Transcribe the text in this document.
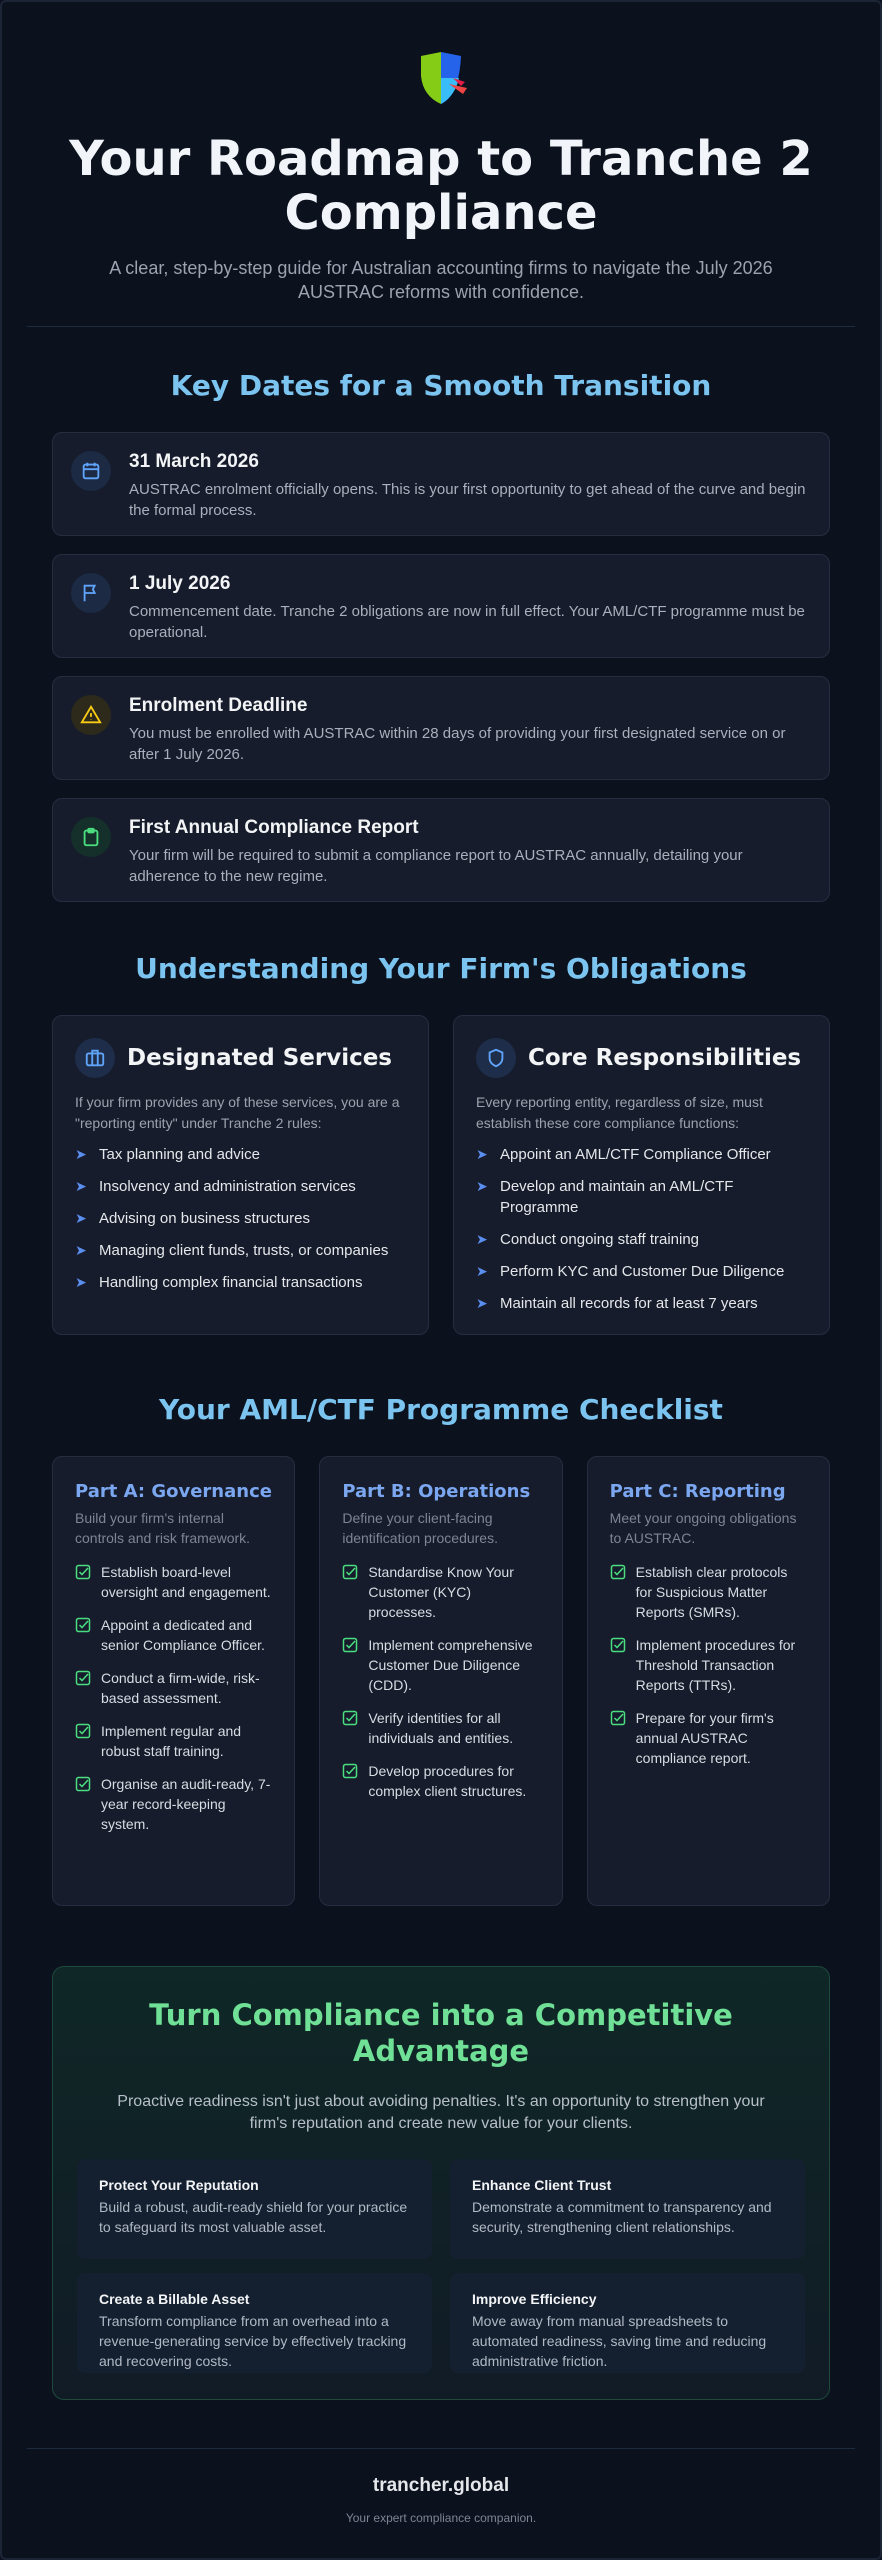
Your Roadmap to Tranche 2 Compliance

A clear, step-by-step guide for Australian accounting firms to navigate the July 2026 AUSTRAC reforms with confidence.

Key Dates for a Smooth Transition
31 March 2026
AUSTRAC enrolment officially opens. This is your first opportunity to get ahead of the curve and begin the formal process.
1 July 2026
Commencement date. Tranche 2 obligations are now in full effect. Your AML/CTF programme must be operational.
Enrolment Deadline
You must be enrolled with AUSTRAC within 28 days of providing your first designated service on or after 1 July 2026.
First Annual Compliance Report
Your firm will be required to submit a compliance report to AUSTRAC annually, detailing your adherence to the new regime.
Understanding Your Firm's Obligations
Designated Services

If your firm provides any of these services, you are a "reporting entity" under Tranche 2 rules:

➤ Tax planning and advice
➤ Insolvency and administration services
➤ Advising on business structures
➤ Managing client funds, trusts, or companies
➤ Handling complex financial transactions
Core Responsibilities

Every reporting entity, regardless of size, must establish these core compliance functions:

➤ Appoint an AML/CTF Compliance Officer
➤ Develop and maintain an AML/CTF Programme
➤ Conduct ongoing staff training
➤ Perform KYC and Customer Due Diligence
➤ Maintain all records for at least 7 years
Your AML/CTF Programme Checklist
Part A: Governance
Build your firm's internal controls and risk framework.
Establish board-level oversight and engagement.
Appoint a dedicated and senior Compliance Officer.
Conduct a firm-wide, risk-based assessment.
Implement regular and robust staff training.
Organise an audit-ready, 7-year record-keeping system.
Part B: Operations
Define your client-facing identification procedures.
Standardise Know Your Customer (KYC) processes.
Implement comprehensive Customer Due Diligence (CDD).
Verify identities for all individuals and entities.
Develop procedures for complex client structures.
Part C: Reporting
Meet your ongoing obligations to AUSTRAC.
Establish clear protocols for Suspicious Matter Reports (SMRs).
Implement procedures for Threshold Transaction Reports (TTRs).
Prepare for your firm's annual AUSTRAC compliance report.
Turn Compliance into a Competitive Advantage

Proactive readiness isn't just about avoiding penalties. It's an opportunity to strengthen your firm's reputation and create new value for your clients.

Protect Your Reputation
Build a robust, audit-ready shield for your practice to safeguard its most valuable asset.
Enhance Client Trust
Demonstrate a commitment to transparency and security, strengthening client relationships.
Create a Billable Asset
Transform compliance from an overhead into a revenue-generating service by effectively tracking and recovering costs.
Improve Efficiency
Move away from manual spreadsheets to automated readiness, saving time and reducing administrative friction.
trancher.global
Your expert compliance companion.
